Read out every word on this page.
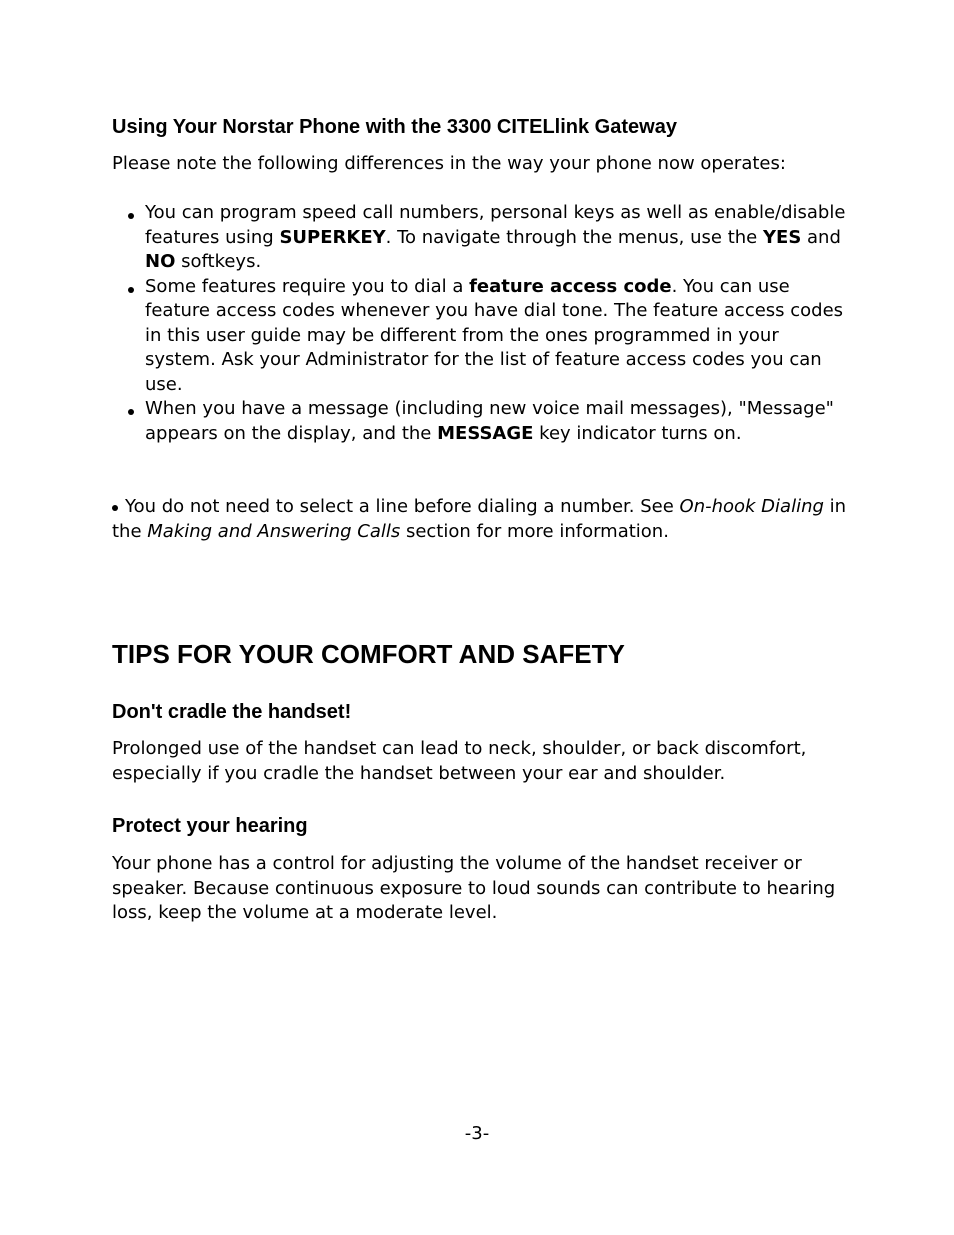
Using Your Norstar Phone with the 3300 CITELlink Gateway

Please note the following differences in the way your phone now operates:

You can program speed call numbers, personal keys as well as enable/disable features using SUPERKEY. To navigate through the menus, use the YES and NO softkeys.
Some features require you to dial a feature access code. You can use feature access codes whenever you have dial tone. The feature access codes in this user guide may be different from the ones programmed in your system. Ask your Administrator for the list of feature access codes you can use.
When you have a message (including new voice mail messages), "Message" appears on the display, and the MESSAGE key indicator turns on.

You do not need to select a line before dialing a number. See On-hook Dialing in the Making and Answering Calls section for more information.

TIPS FOR YOUR COMFORT AND SAFETY
Don't cradle the handset!

Prolonged use of the handset can lead to neck, shoulder, or back discomfort, especially if you cradle the handset between your ear and shoulder.

Protect your hearing

Your phone has a control for adjusting the volume of the handset receiver or speaker. Because continuous exposure to loud sounds can contribute to hearing loss, keep the volume at a moderate level.

-3-
